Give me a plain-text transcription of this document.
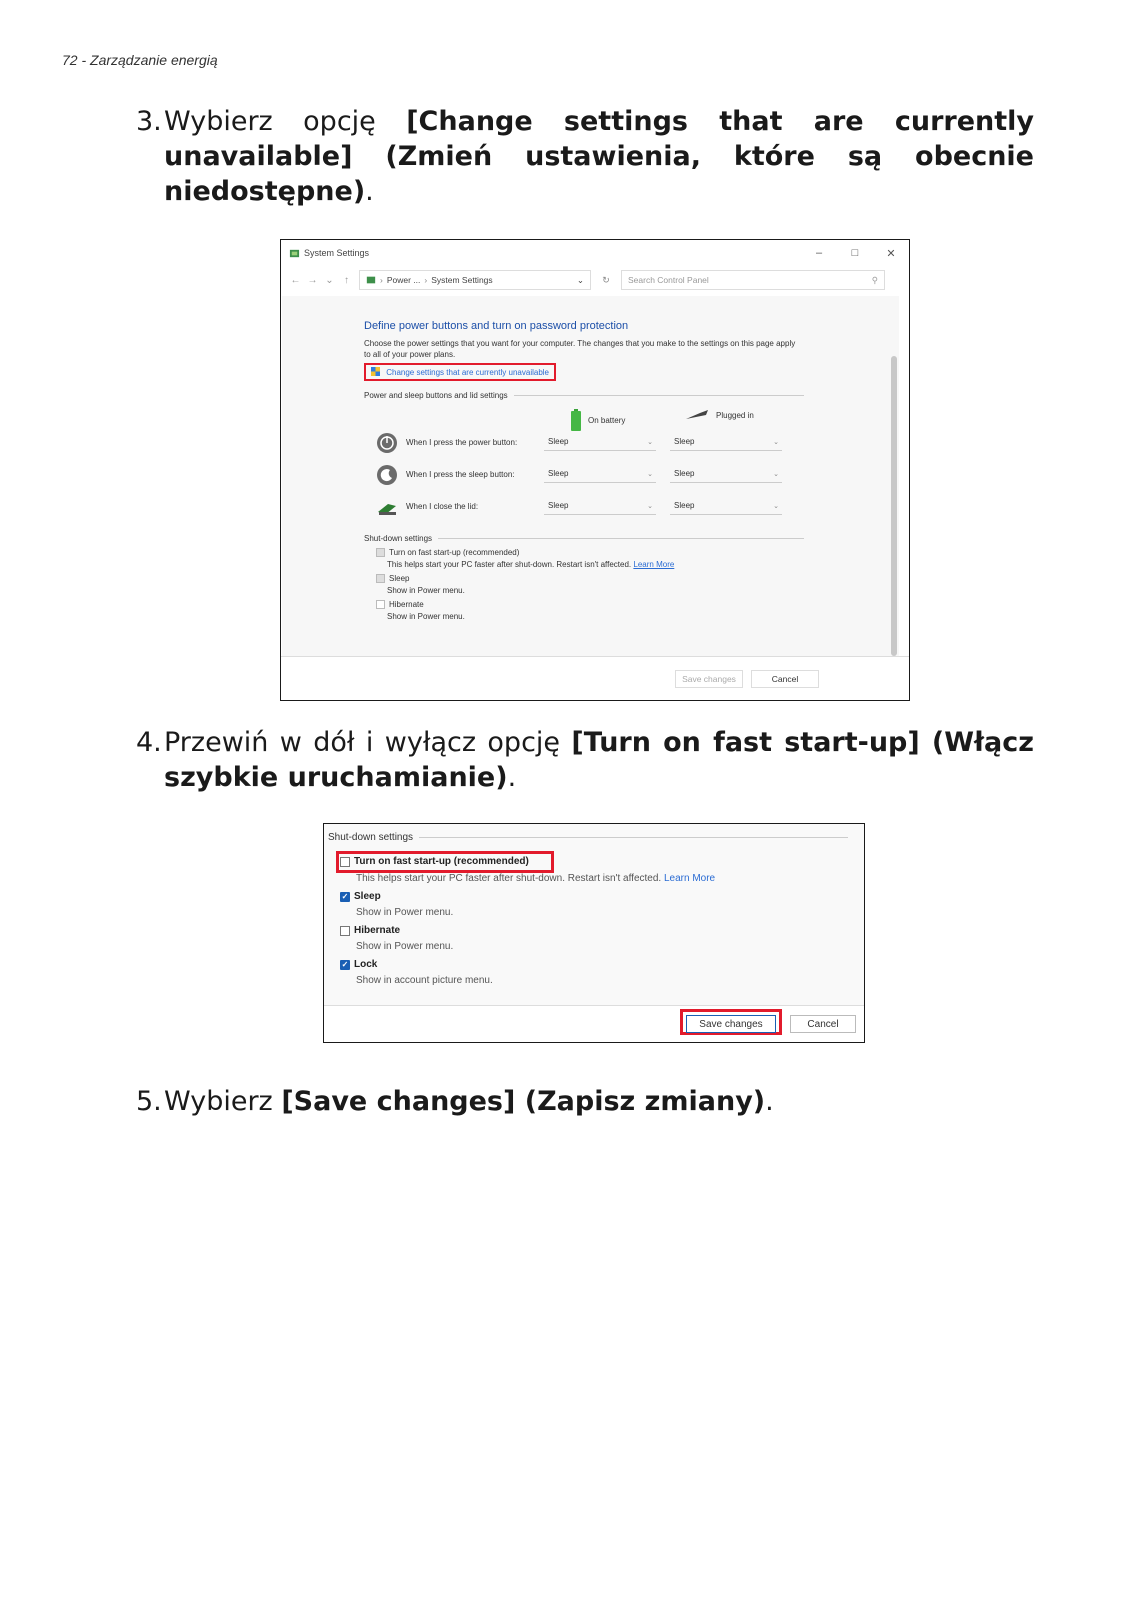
72 - Zarządzanie energią
3. Wybierz opcję [Change settings that are currently unavailable] (Zmień ustawienia, które są obecnie niedostępne).
System Settings	–	□	✕
← → ⌄	↑	› Power ... › System Settings	⌄	↻	Search Control Panel	⚲
Define power buttons and turn on password protection
Choose the power settings that you want for your computer. The changes that you make to the settings on this page apply to all of your power plans.
Change settings that are currently unavailable
Power and sleep buttons and lid settings
On battery
Plugged in
When I press the power button:	Sleep	⌄	Sleep	⌄
When I press the sleep button:	Sleep	⌄	Sleep	⌄
When I close the lid:	Sleep	⌄	Sleep	⌄
Shut-down settings
Turn on fast start-up (recommended)
This helps start your PC faster after shut-down. Restart isn't affected. Learn More
Sleep
Show in Power menu.
Hibernate
Show in Power menu.
Save changes	Cancel
4. Przewiń w dół i wyłącz opcję [Turn on fast start-up] (Włącz szybkie uruchamianie).
Shut-down settings
Turn on fast start-up (recommended)
This helps start your PC faster after shut-down. Restart isn't affected. Learn More
✓ Sleep
Show in Power menu.
Hibernate
Show in Power menu.
✓ Lock
Show in account picture menu.
Save changes	Cancel
5. Wybierz [Save changes] (Zapisz zmiany).
